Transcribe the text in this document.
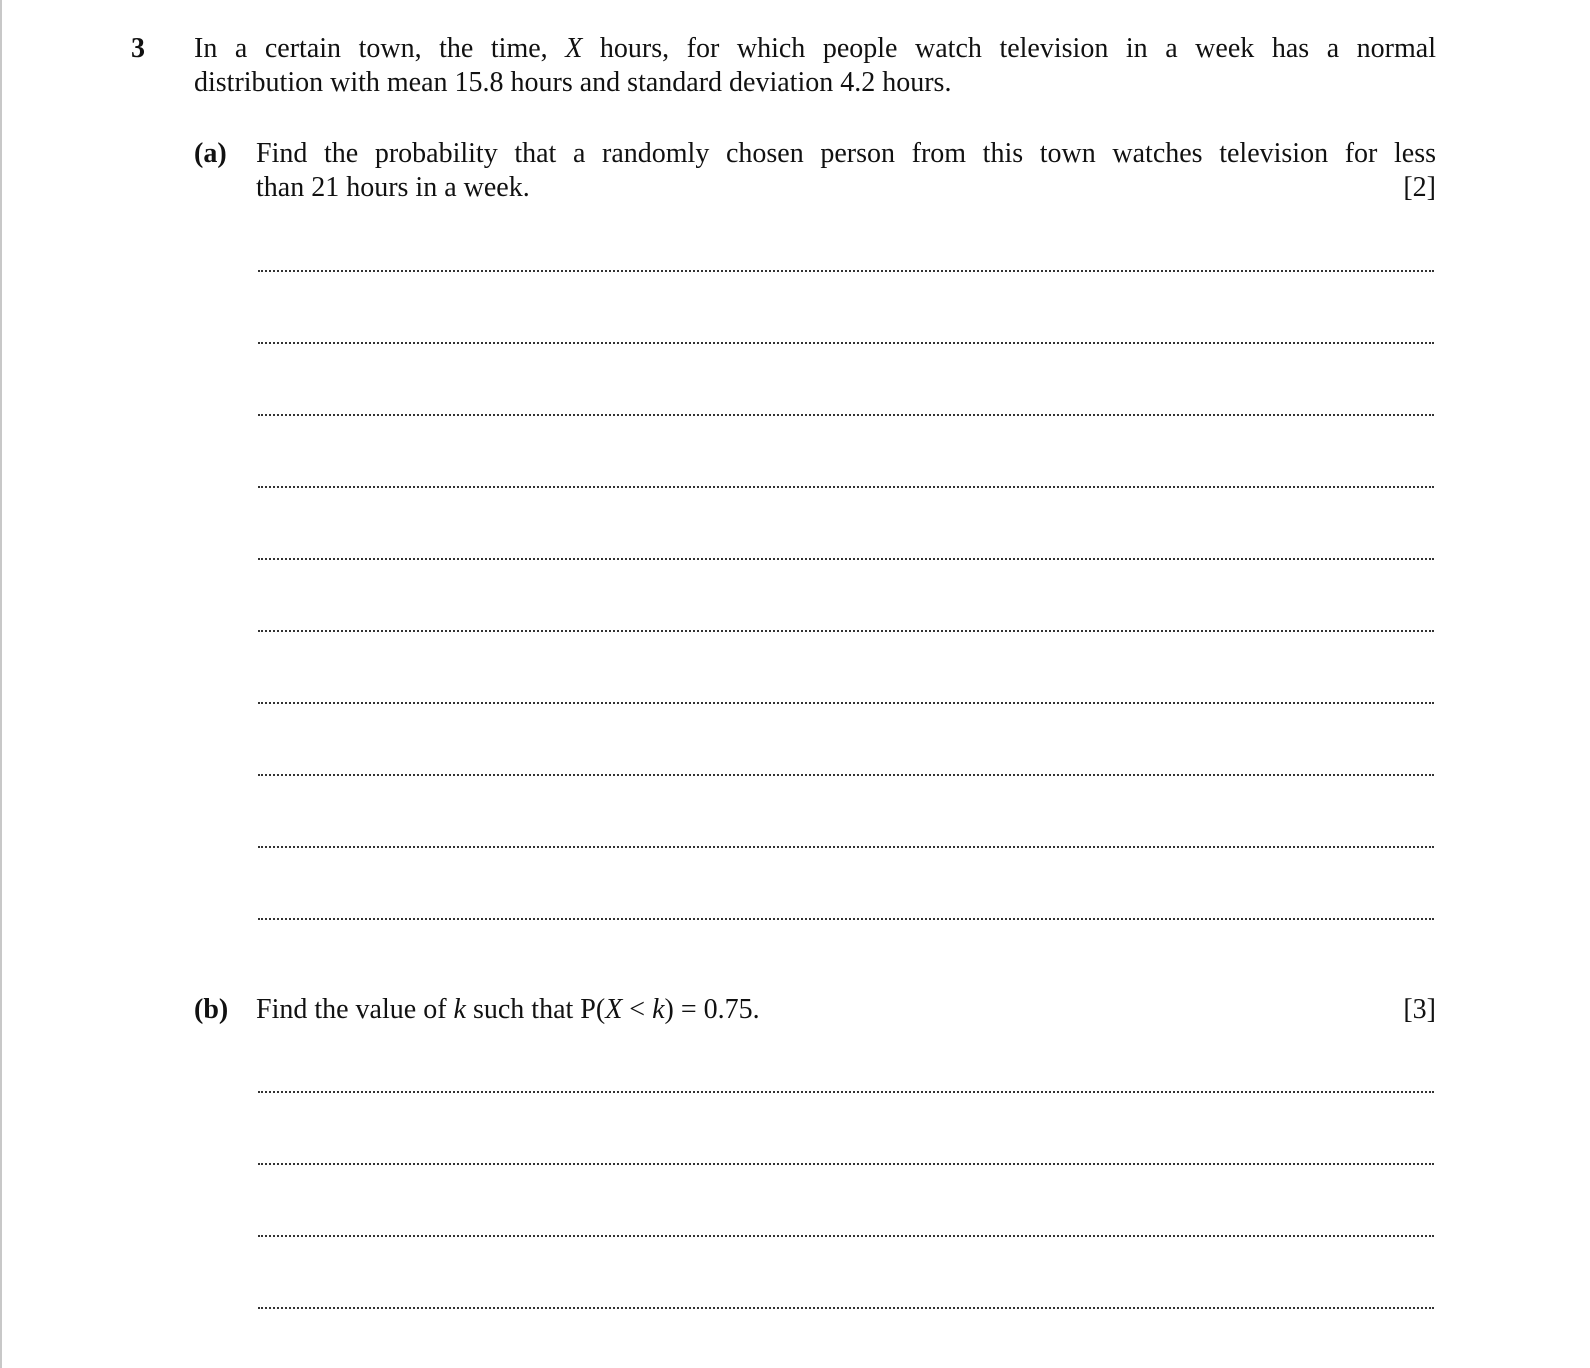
3 In a certain town, the time, X hours, for which people watch television in a week has a normal
distribution with mean 15.8 hours and standard deviation 4.2 hours.
(a) Find the probability that a randomly chosen person from this town watches television for less
than 21 hours in a week.	[2]
(b) Find the value of k such that P(X < k) = 0.75.	[3]
